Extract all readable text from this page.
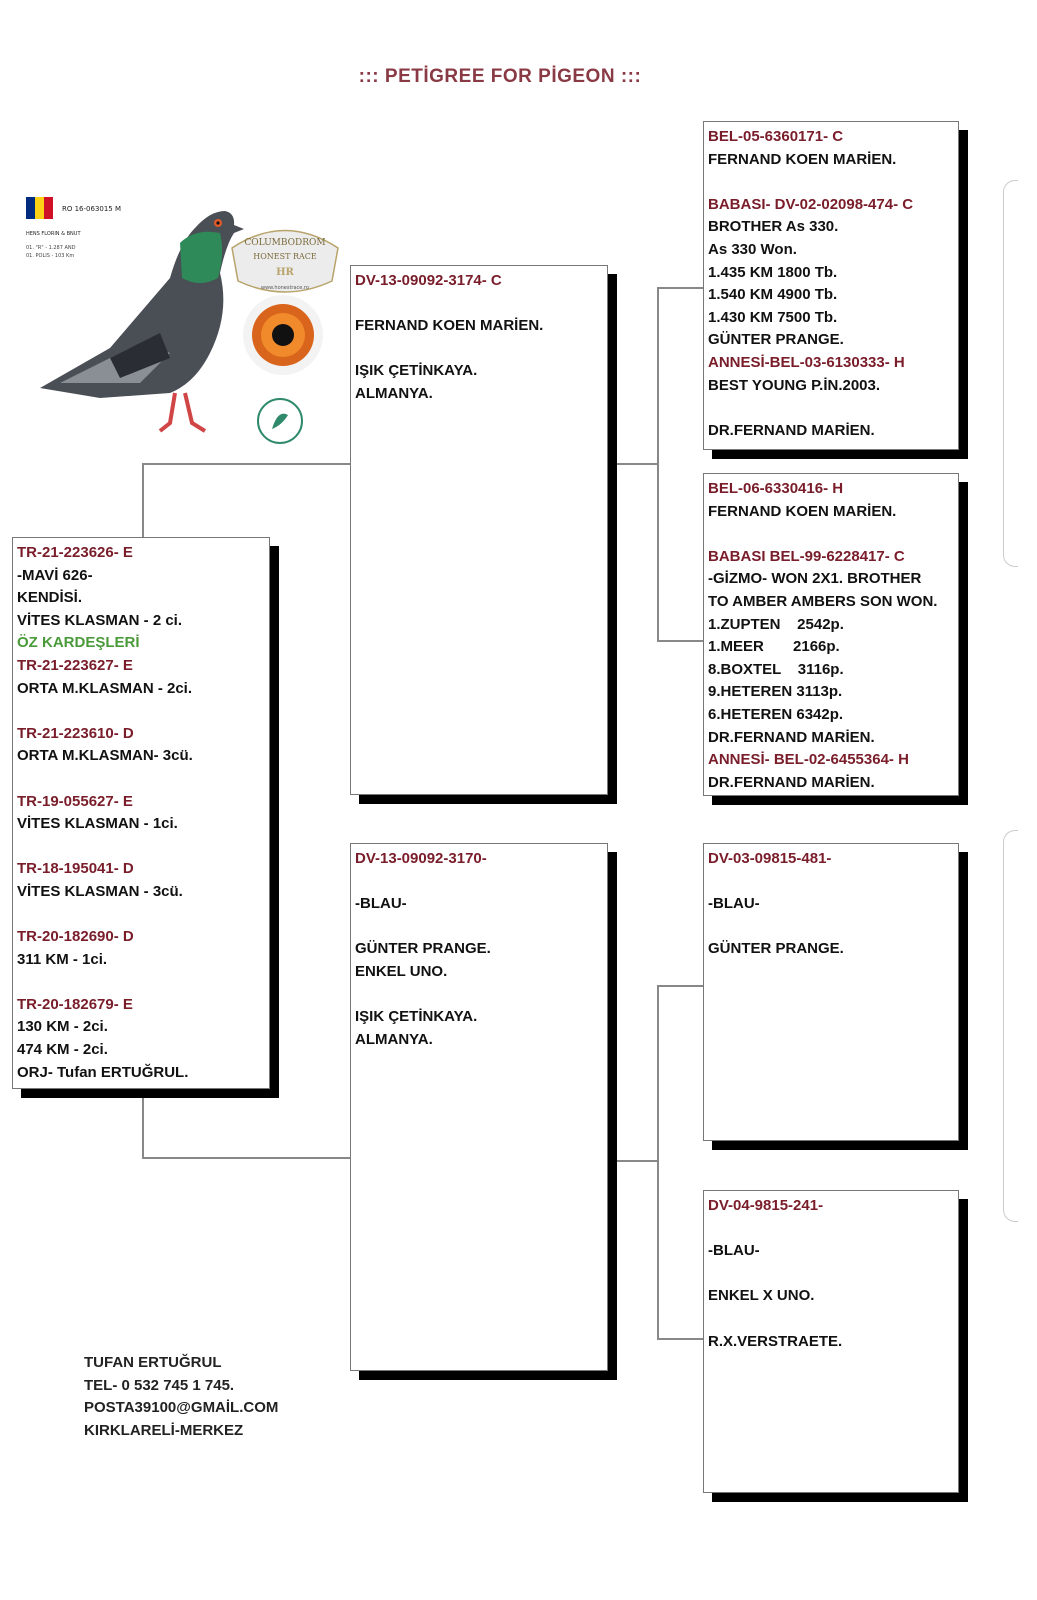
::: PETİGREE FOR PİGEON :::
RO 16-063015 M
HENS FLORIN & BNUT
01. "R" - 1.287 AND
01. POLIS - 103 Km
COLUMBODROM
HONEST RACE
HR
www.honestrace.ro
TR-21-223626- E
-MAVİ 626-
KENDİSİ.
VİTES KLASMAN - 2 ci.
ÖZ KARDEŞLERİ
TR-21-223627- E
ORTA M.KLASMAN - 2ci.
TR-21-223610- D
ORTA M.KLASMAN- 3cü.
TR-19-055627- E
VİTES KLASMAN - 1ci.
TR-18-195041- D
VİTES KLASMAN - 3cü.
TR-20-182690- D
311 KM - 1ci.
TR-20-182679- E
130 KM - 2ci.
474 KM - 2ci.
ORJ- Tufan ERTUĞRUL.
DV-13-09092-3174- C
FERNAND KOEN MARİEN.
IŞIK ÇETİNKAYA.
ALMANYA.
DV-13-09092-3170-
-BLAU-
GÜNTER PRANGE.
ENKEL UNO.
IŞIK ÇETİNKAYA.
ALMANYA.
BEL-05-6360171- C
FERNAND KOEN MARİEN.
BABASI- DV-02-02098-474- C
BROTHER As 330.
As 330 Won.
1.435 KM 1800 Tb.
1.540 KM 4900 Tb.
1.430 KM 7500 Tb.
GÜNTER PRANGE.
ANNESİ-BEL-03-6130333- H
BEST YOUNG P.İN.2003.
DR.FERNAND MARİEN.
BEL-06-6330416- H
FERNAND KOEN MARİEN.
BABASI BEL-99-6228417- C
-GİZMO- WON 2X1. BROTHER
TO AMBER AMBERS SON WON.
1.ZUPTEN    2542p.
1.MEER       2166p.
8.BOXTEL    3116p.
9.HETEREN 3113p.
6.HETEREN 6342p.
DR.FERNAND MARİEN.
ANNESİ- BEL-02-6455364- H
DR.FERNAND MARİEN.
DV-03-09815-481-
-BLAU-
GÜNTER PRANGE.
DV-04-9815-241-
-BLAU-
ENKEL X UNO.
R.X.VERSTRAETE.
TUFAN ERTUĞRUL
TEL- 0 532 745 1 745.
POSTA39100@GMAİL.COM
KIRKLARELİ-MERKEZ
